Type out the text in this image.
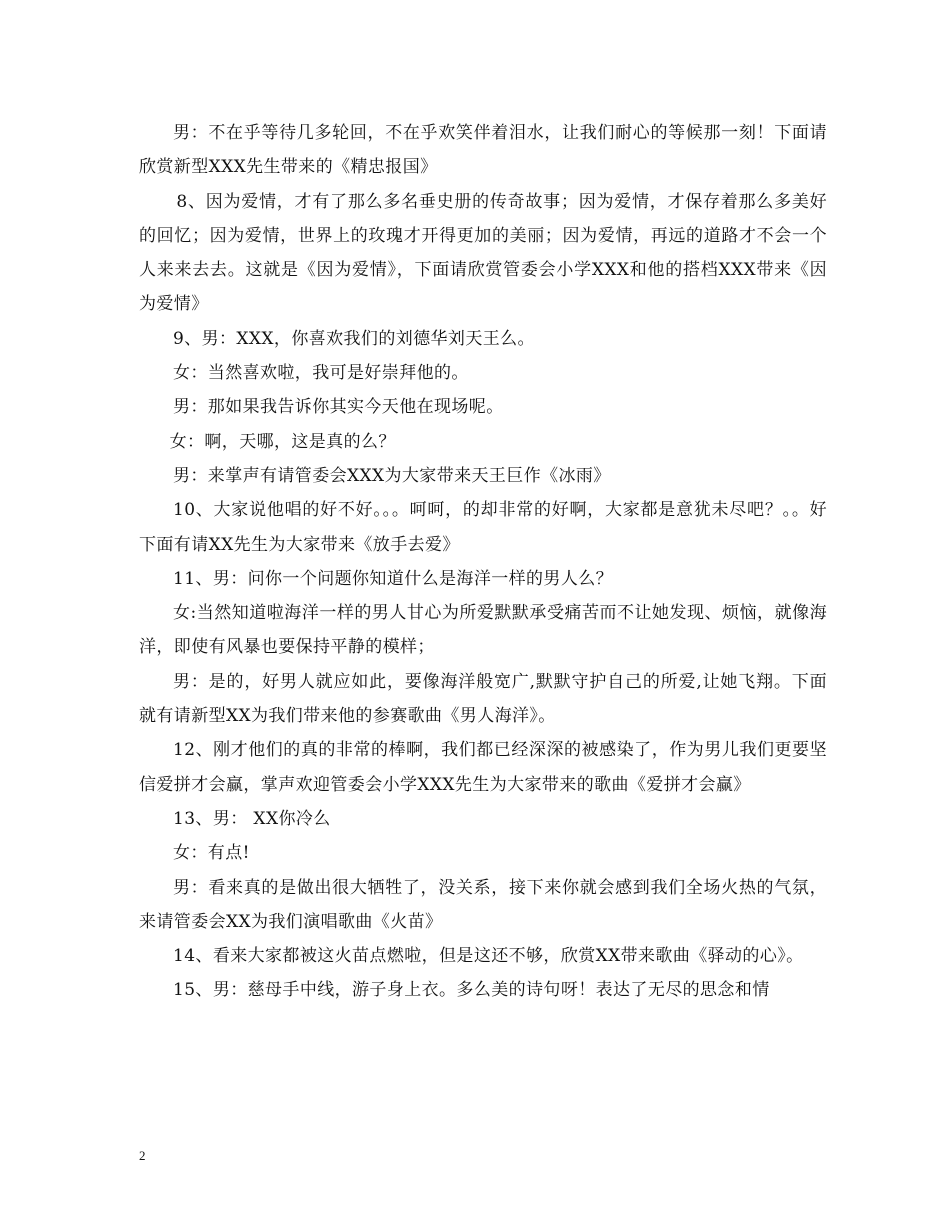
男：不在乎等待几多轮回，不在乎欢笑伴着泪水，让我们耐心的等候那一刻！下面请欣赏新型XXX先生带来的《精忠报国》

8、因为爱情，才有了那么多名垂史册的传奇故事；因为爱情，才保存着那么多美好的回忆；因为爱情，世界上的玫瑰才开得更加的美丽；因为爱情，再远的道路才不会一个人来来去去。这就是《因为爱情》，下面请欣赏管委会小学XXX和他的搭档XXX带来《因为爱情》

9、男：XXX，你喜欢我们的刘德华刘天王么。

女：当然喜欢啦，我可是好崇拜他的。

男：那如果我告诉你其实今天他在现场呢。

女：啊，天哪，这是真的么？

男：来掌声有请管委会XXX为大家带来天王巨作《冰雨》

10、大家说他唱的好不好。。。呵呵，的却非常的好啊，大家都是意犹未尽吧？。。好下面有请XX先生为大家带来《放手去爱》

11、男：问你一个问题你知道什么是海洋一样的男人么？

女:当然知道啦海洋一样的男人甘心为所爱默默承受痛苦而不让她发现、烦恼，就像海洋，即使有风暴也要保持平静的模样；

男：是的，好男人就应如此，要像海洋般宽广,默默守护自己的所爱,让她飞翔。下面就有请新型XX为我们带来他的参赛歌曲《男人海洋》。

12、刚才他们的真的非常的棒啊，我们都已经深深的被感染了，作为男儿我们更要坚信爱拼才会赢，掌声欢迎管委会小学XXX先生为大家带来的歌曲《爱拼才会赢》

13、男： XX你冷么

女：有点!

男：看来真的是做出很大牺牲了，没关系，接下来你就会感到我们全场火热的气氛，来请管委会XX为我们演唱歌曲《火苗》

14、看来大家都被这火苗点燃啦，但是这还不够，欣赏XX带来歌曲《驿动的心》。

15、男：慈母手中线，游子身上衣。多么美的诗句呀！表达了无尽的思念和情

2
